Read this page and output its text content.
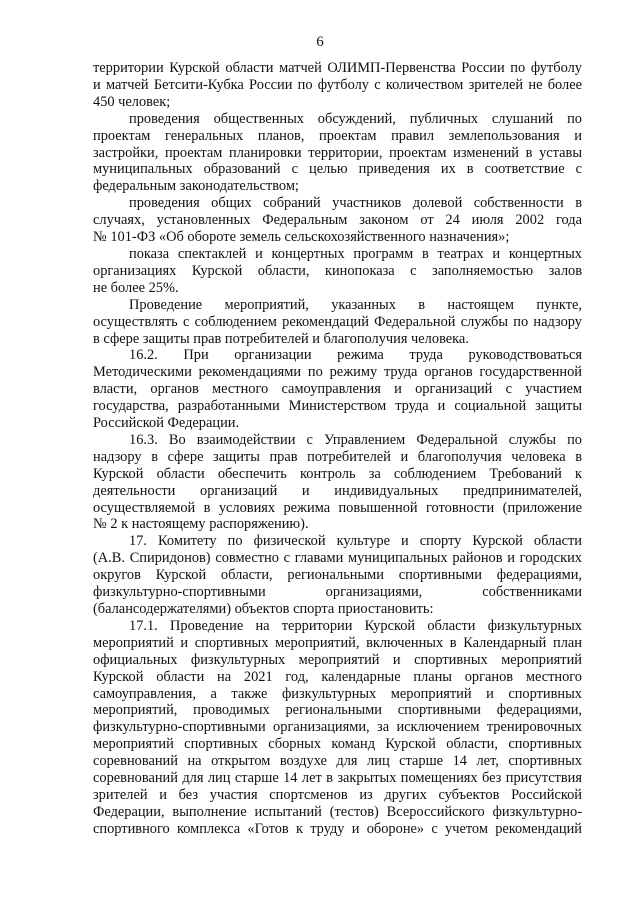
6

территории Курской области матчей ОЛИМП-Первенства России по футболу
и матчей Бетсити-Кубка России по футболу с количеством зрителей не более
450 человек;

проведения общественных обсуждений, публичных слушаний по
проектам генеральных планов, проектам правил землепользования и
застройки, проектам планировки территории, проектам изменений в уставы
муниципальных образований с целью приведения их в соответствие с
федеральным законодательством;

проведения общих собраний участников долевой собственности в
случаях, установленных Федеральным законом от 24 июля 2002 года
№ 101-ФЗ «Об обороте земель сельскохозяйственного назначения»;

показа спектаклей и концертных программ в театрах и концертных
организациях Курской области, кинопоказа с заполняемостью залов
не более 25%.

Проведение мероприятий, указанных в настоящем пункте,
осуществлять с соблюдением рекомендаций Федеральной службы по надзору
в сфере защиты прав потребителей и благополучия человека.

16.2. При организации режима труда руководствоваться
Методическими рекомендациями по режиму труда органов государственной
власти, органов местного самоуправления и организаций с участием
государства, разработанными Министерством труда и социальной защиты
Российской Федерации.

16.3. Во взаимодействии с Управлением Федеральной службы по
надзору в сфере защиты прав потребителей и благополучия человека в
Курской области обеспечить контроль за соблюдением Требований к
деятельности организаций и индивидуальных предпринимателей,
осуществляемой в условиях режима повышенной готовности (приложение
№ 2 к настоящему распоряжению).

17. Комитету по физической культуре и спорту Курской области
(А.В. Спиридонов) совместно с главами муниципальных районов и городских
округов Курской области, региональными спортивными федерациями,
физкультурно-спортивными организациями, собственниками
(балансодержателями) объектов спорта приостановить:

17.1. Проведение на территории Курской области физкультурных
мероприятий и спортивных мероприятий, включенных в Календарный план
официальных физкультурных мероприятий и спортивных мероприятий
Курской области на 2021 год, календарные планы органов местного
самоуправления, а также физкультурных мероприятий и спортивных
мероприятий, проводимых региональными спортивными федерациями,
физкультурно-спортивными организациями, за исключением тренировочных
мероприятий спортивных сборных команд Курской области, спортивных
соревнований на открытом воздухе для лиц старше 14 лет, спортивных
соревнований для лиц старше 14 лет в закрытых помещениях без присутствия
зрителей и без участия спортсменов из других субъектов Российской
Федерации, выполнение испытаний (тестов) Всероссийского физкультурно-
спортивного комплекса «Готов к труду и обороне» с учетом рекомендаций
